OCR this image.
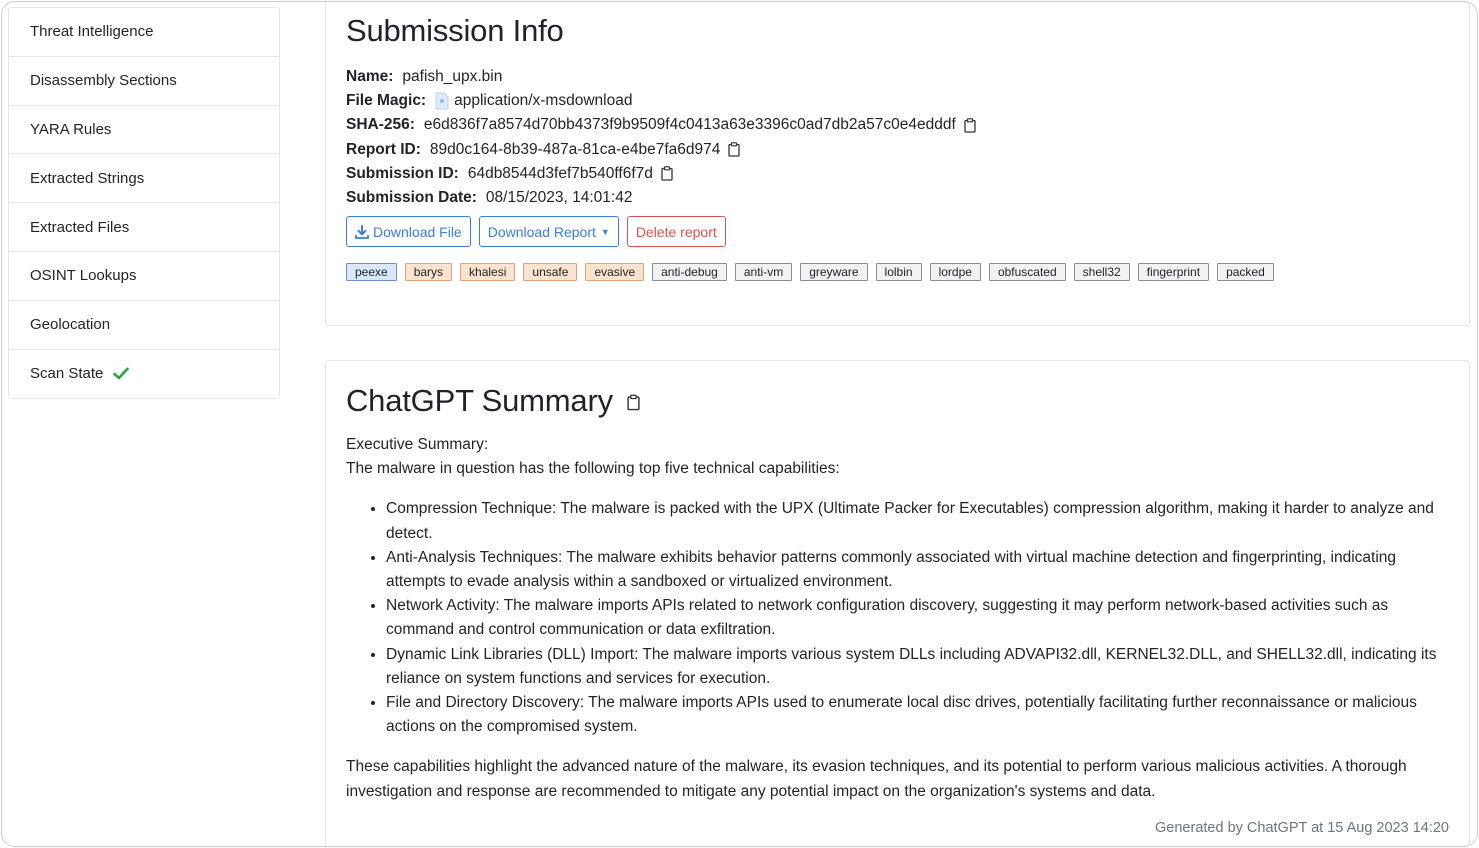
Threat Intelligence
Disassembly Sections
YARA Rules
Extracted Strings
Extracted Files
OSINT Lookups
Geolocation
Scan State
Submission Info
Name: pafish_upx.bin
File Magic: application/x-msdownload
SHA-256: e6d836f7a8574d70bb4373f9b9509f4c0413a63e3396c0ad7db2a57c0e4edddf
Report ID: 89d0c164-8b39-487a-81ca-e4be7fa6d974
Submission ID: 64db8544d3fef7b540ff6f7d
Submission Date: 08/15/2023, 14:01:42
Download File Download Report ▼ Delete report
peexe	barys	khalesi	unsafe	evasive	anti-debug	anti-vm	greyware	lolbin	lordpe	obfuscated	shell32	fingerprint	packed
ChatGPT Summary
Executive Summary:
The malware in question has the following top five technical capabilities:
• Compression Technique: The malware is packed with the UPX (Ultimate Packer for Executables) compression algorithm, making it harder to analyze and detect.
• Anti-Analysis Techniques: The malware exhibits behavior patterns commonly associated with virtual machine detection and fingerprinting, indicating attempts to evade analysis within a sandboxed or virtualized environment.
• Network Activity: The malware imports APIs related to network configuration discovery, suggesting it may perform network-based activities such as command and control communication or data exfiltration.
• Dynamic Link Libraries (DLL) Import: The malware imports various system DLLs including ADVAPI32.dll, KERNEL32.DLL, and SHELL32.dll, indicating its reliance on system functions and services for execution.
• File and Directory Discovery: The malware imports APIs used to enumerate local disc drives, potentially facilitating further reconnaissance or malicious actions on the compromised system.
These capabilities highlight the advanced nature of the malware, its evasion techniques, and its potential to perform various malicious activities. A thorough investigation and response are recommended to mitigate any potential impact on the organization's systems and data.
Generated by ChatGPT at 15 Aug 2023 14:20
